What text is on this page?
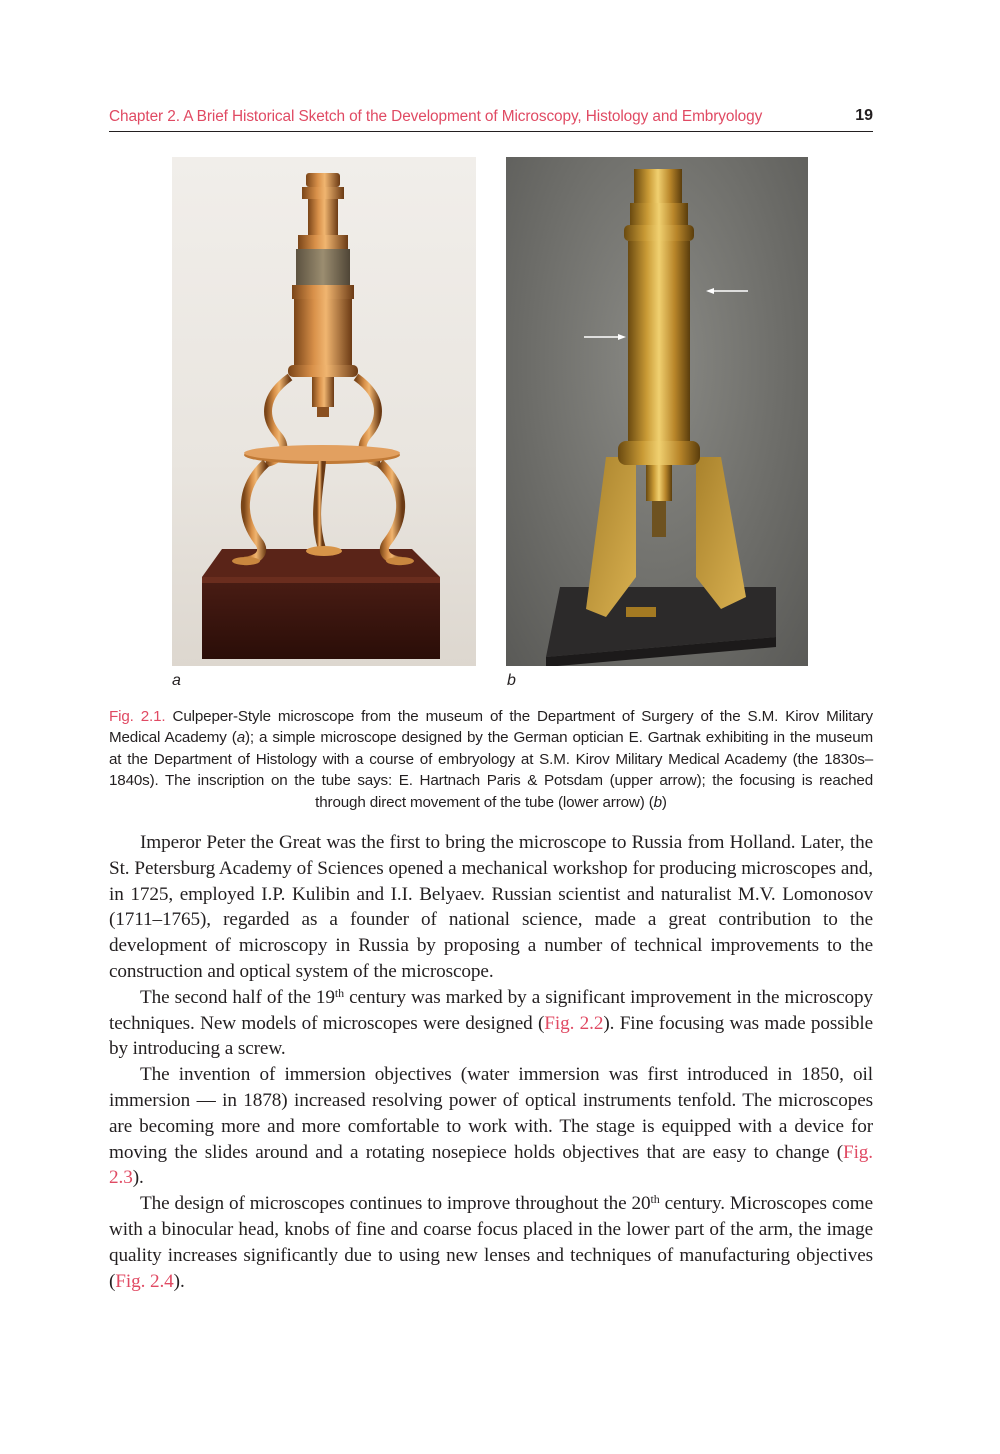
Chapter 2. A Brief Historical Sketch of the Development of Microscopy, Histology and Embryology	19
a	b
Fig. 2.1. Culpeper-Style microscope from the museum of the Department of Surgery of the S.M. Kirov Military Medical Academy (a); a simple microscope designed by the German optician E. Gartnak exhibiting in the museum at the Department of Histology with a course of embryology at S.M. Kirov Military Medical Academy (the 1830s–1840s). The inscription on the tube says: E. Hartnach Paris & Potsdam (upper arrow); the focusing is reached through direct movement of the tube (lower arrow) (b)

Imperor Peter the Great was the first to bring the microscope to Russia from Holland. Later, the St. Petersburg Academy of Sciences opened a mechanical workshop for producing microscopes and, in 1725, employed I.P. Kulibin and I.I. Belyaev. Russian scientist and naturalist M.V. Lomonosov (1711–1765), regarded as a founder of national science, made a great contribution to the development of microscopy in Russia by proposing a number of technical improvements to the construction and optical system of the microscope.

The second half of the 19th century was marked by a significant improvement in the microscopy techniques. New models of microscopes were designed (Fig. 2.2). Fine focusing was made possible by introducing a screw.

The invention of immersion objectives (water immersion was first introduced in 1850, oil immersion — in 1878) increased resolving power of optical instruments tenfold. The microscopes are becoming more and more comfortable to work with. The stage is equipped with a device for moving the slides around and a rotating nosepiece holds objectives that are easy to change (Fig. 2.3).

The design of microscopes continues to improve throughout the 20th century. Microscopes come with a binocular head, knobs of fine and coarse focus placed in the lower part of the arm, the image quality increases significantly due to using new lenses and techniques of manufacturing objectives (Fig. 2.4).
